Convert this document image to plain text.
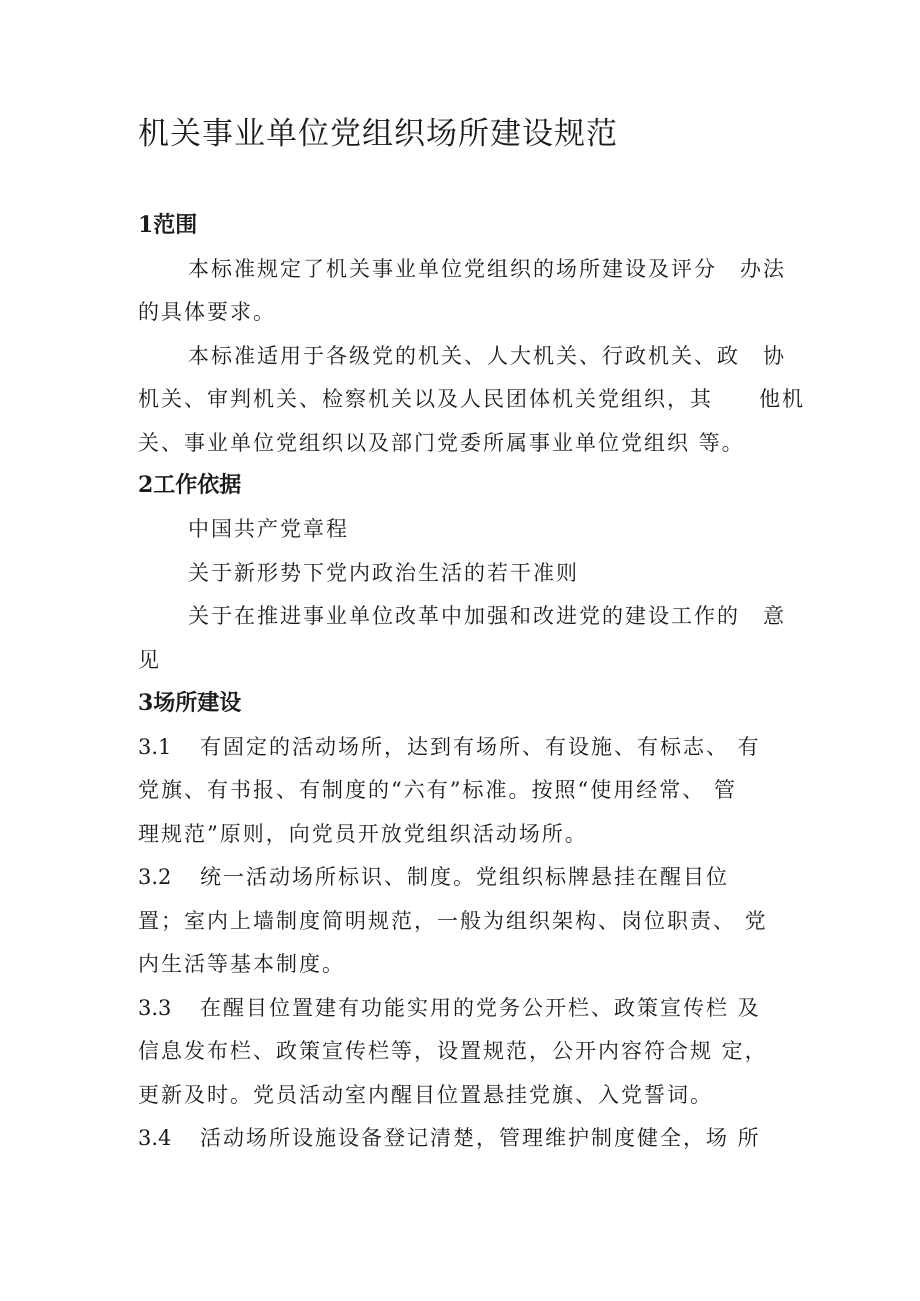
机关事业单位党组织场所建设规范
1范围
本标准规定了机关事业单位党组织的场所建设及评分　办法
的具体要求。
本标准适用于各级党的机关、人大机关、行政机关、政　协
机关、审判机关、检察机关以及人民团体机关党组织，其　　他机
关、事业单位党组织以及部门党委所属事业单位党组织 等。
2工作依据
中国共产党章程
关于新形势下党内政治生活的若干准则
关于在推进事业单位改革中加强和改进党的建设工作的　意
见
3场所建设
3.1 有固定的活动场所，达到有场所、有设施、有标志、 有
党旗、有书报、有制度的“六有”标准。按照“使用经常、 管
理规范”原则，向党员开放党组织活动场所。
3.2 统一活动场所标识、制度。党组织标牌悬挂在醒目位
置；室内上墙制度简明规范，一般为组织架构、岗位职责、 党
内生活等基本制度。
3.3 在醒目位置建有功能实用的党务公开栏、政策宣传栏 及
信息发布栏、政策宣传栏等，设置规范，公开内容符合规 定，
更新及时。党员活动室内醒目位置悬挂党旗、入党誓词。
3.4 活动场所设施设备登记清楚，管理维护制度健全，场 所
